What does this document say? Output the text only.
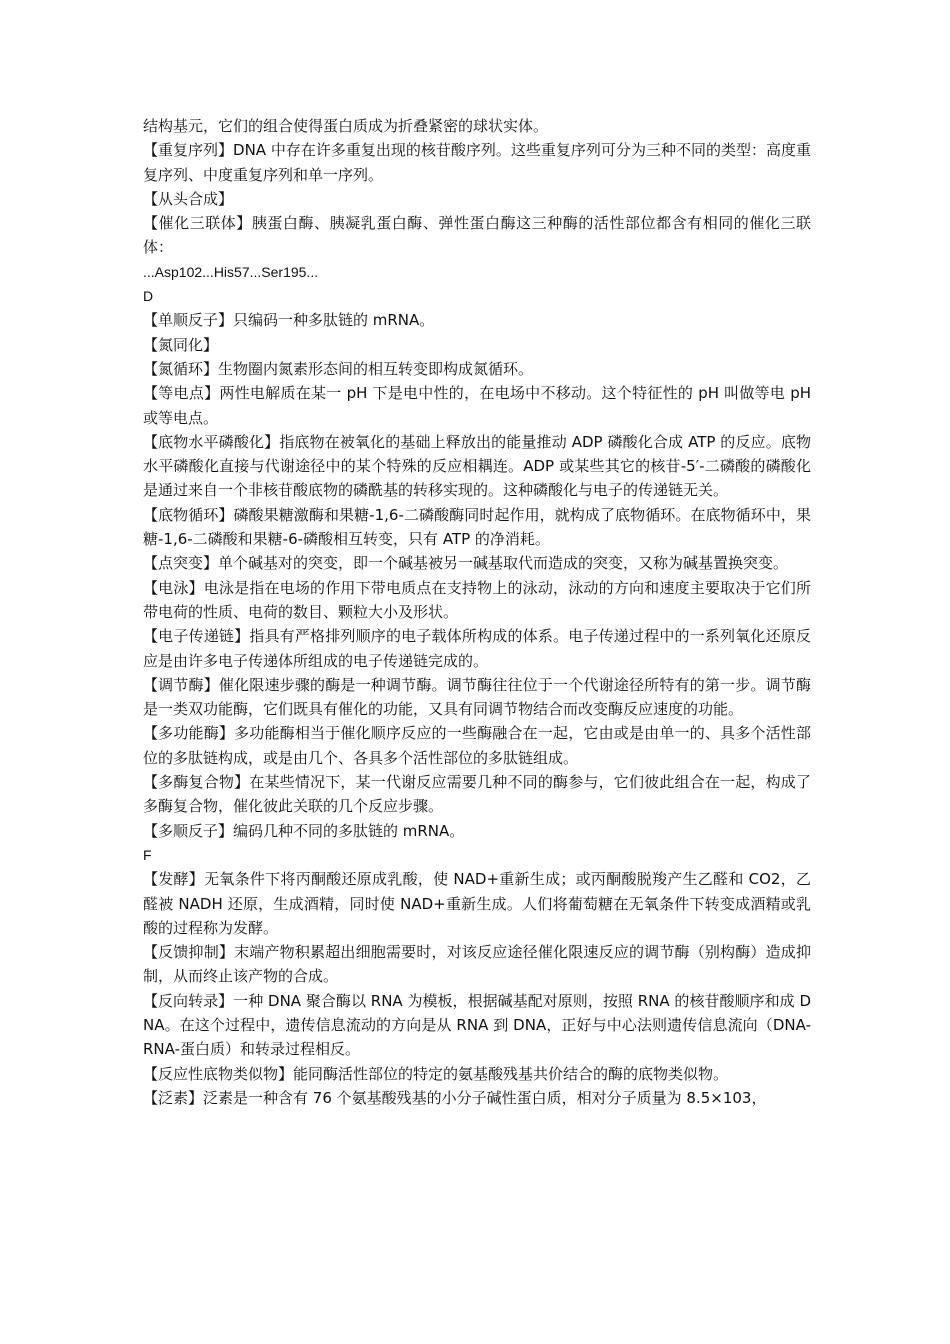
结构基元，它们的组合使得蛋白质成为折叠紧密的球状实体。

【重复序列】DNA 中存在许多重复出现的核苷酸序列。这些重复序列可分为三种不同的类型：高度重复序列、中度重复序列和单一序列。

【从头合成】

【催化三联体】胰蛋白酶、胰凝乳蛋白酶、弹性蛋白酶这三种酶的活性部位都含有相同的催化三联体：

...Asp102...His57...Ser195...

D

【单顺反子】只编码一种多肽链的 mRNA。

【氮同化】

【氮循环】生物圈内氮素形态间的相互转变即构成氮循环。

【等电点】两性电解质在某一 pH 下是电中性的，在电场中不移动。这个特征性的 pH 叫做等电 pH 或等电点。

【底物水平磷酸化】指底物在被氧化的基础上释放出的能量推动 ADP 磷酸化合成 ATP 的反应。底物水平磷酸化直接与代谢途径中的某个特殊的反应相耦连。ADP 或某些其它的核苷-5′-二磷酸的磷酸化是通过来自一个非核苷酸底物的磷酰基的转移实现的。这种磷酸化与电子的传递链无关。

【底物循环】磷酸果糖激酶和果糖-1,6-二磷酸酶同时起作用，就构成了底物循环。在底物循环中，果糖-1,6-二磷酸和果糖-6-磷酸相互转变，只有 ATP 的净消耗。

【点突变】单个碱基对的突变，即一个碱基被另一碱基取代而造成的突变，又称为碱基置换突变。

【电泳】电泳是指在电场的作用下带电质点在支持物上的泳动，泳动的方向和速度主要取决于它们所带电荷的性质、电荷的数目、颗粒大小及形状。

【电子传递链】指具有严格排列顺序的电子载体所构成的体系。电子传递过程中的一系列氧化还原反应是由许多电子传递体所组成的电子传递链完成的。

【调节酶】催化限速步骤的酶是一种调节酶。调节酶往往位于一个代谢途径所特有的第一步。调节酶是一类双功能酶，它们既具有催化的功能，又具有同调节物结合而改变酶反应速度的功能。

【多功能酶】多功能酶相当于催化顺序反应的一些酶融合在一起，它由或是由单一的、具多个活性部位的多肽链构成，或是由几个、各具多个活性部位的多肽链组成。

【多酶复合物】在某些情况下，某一代谢反应需要几种不同的酶参与，它们彼此组合在一起，构成了多酶复合物，催化彼此关联的几个反应步骤。

【多顺反子】编码几种不同的多肽链的 mRNA。

F

【发酵】无氧条件下将丙酮酸还原成乳酸，使 NAD+重新生成；或丙酮酸脱羧产生乙醛和 CO2，乙醛被 NADH 还原，生成酒精，同时使 NAD+重新生成。人们将葡萄糖在无氧条件下转变成酒精或乳酸的过程称为发酵。

【反馈抑制】末端产物积累超出细胞需要时，对该反应途径催化限速反应的调节酶（别构酶）造成抑制，从而终止该产物的合成。

【反向转录】一种 DNA 聚合酶以 RNA 为模板，根据碱基配对原则，按照 RNA 的核苷酸顺序和成 DNA。在这个过程中，遗传信息流动的方向是从 RNA 到 DNA，正好与中心法则遗传信息流向（DNA-RNA-蛋白质）和转录过程相反。

【反应性底物类似物】能同酶活性部位的特定的氨基酸残基共价结合的酶的底物类似物。

【泛素】泛素是一种含有 76 个氨基酸残基的小分子碱性蛋白质，相对分子质量为 8.5×103，
